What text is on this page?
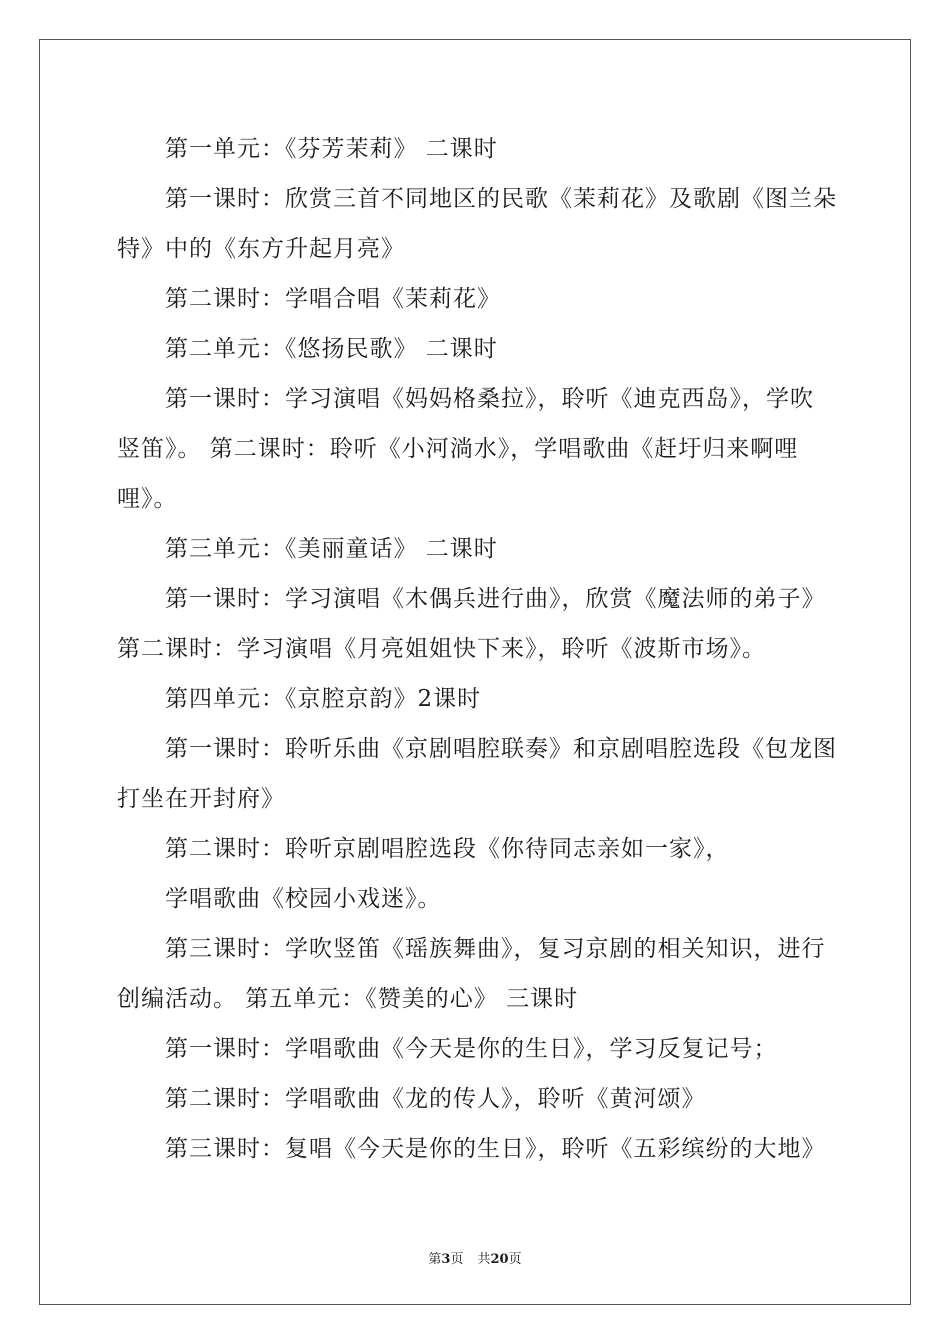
第一单元：《芬芳茉莉》 二课时

第一课时：欣赏三首不同地区的民歌《茉莉花》及歌剧《图兰朵特》中的《东方升起月亮》

第二课时：学唱合唱《茉莉花》

第二单元：《悠扬民歌》 二课时

第一课时：学习演唱《妈妈格桑拉》，聆听《迪克西岛》，学吹竖笛》。 第二课时：聆听《小河淌水》，学唱歌曲《赶圩归来啊哩哩》。

第三单元：《美丽童话》 二课时

第一课时：学习演唱《木偶兵进行曲》，欣赏《魔法师的弟子》 第二课时：学习演唱《月亮姐姐快下来》，聆听《波斯市场》。

第四单元：《京腔京韵》2课时

第一课时：聆听乐曲《京剧唱腔联奏》和京剧唱腔选段《包龙图打坐在开封府》

第二课时：聆听京剧唱腔选段《你待同志亲如一家》，

学唱歌曲《校园小戏迷》。

第三课时：学吹竖笛《瑶族舞曲》，复习京剧的相关知识，进行创编活动。 第五单元：《赞美的心》 三课时

第一课时：学唱歌曲《今天是你的生日》，学习反复记号；

第二课时：学唱歌曲《龙的传人》，聆听《黄河颂》

第三课时：复唱《今天是你的生日》，聆听《五彩缤纷的大地》

第3页 共20页
